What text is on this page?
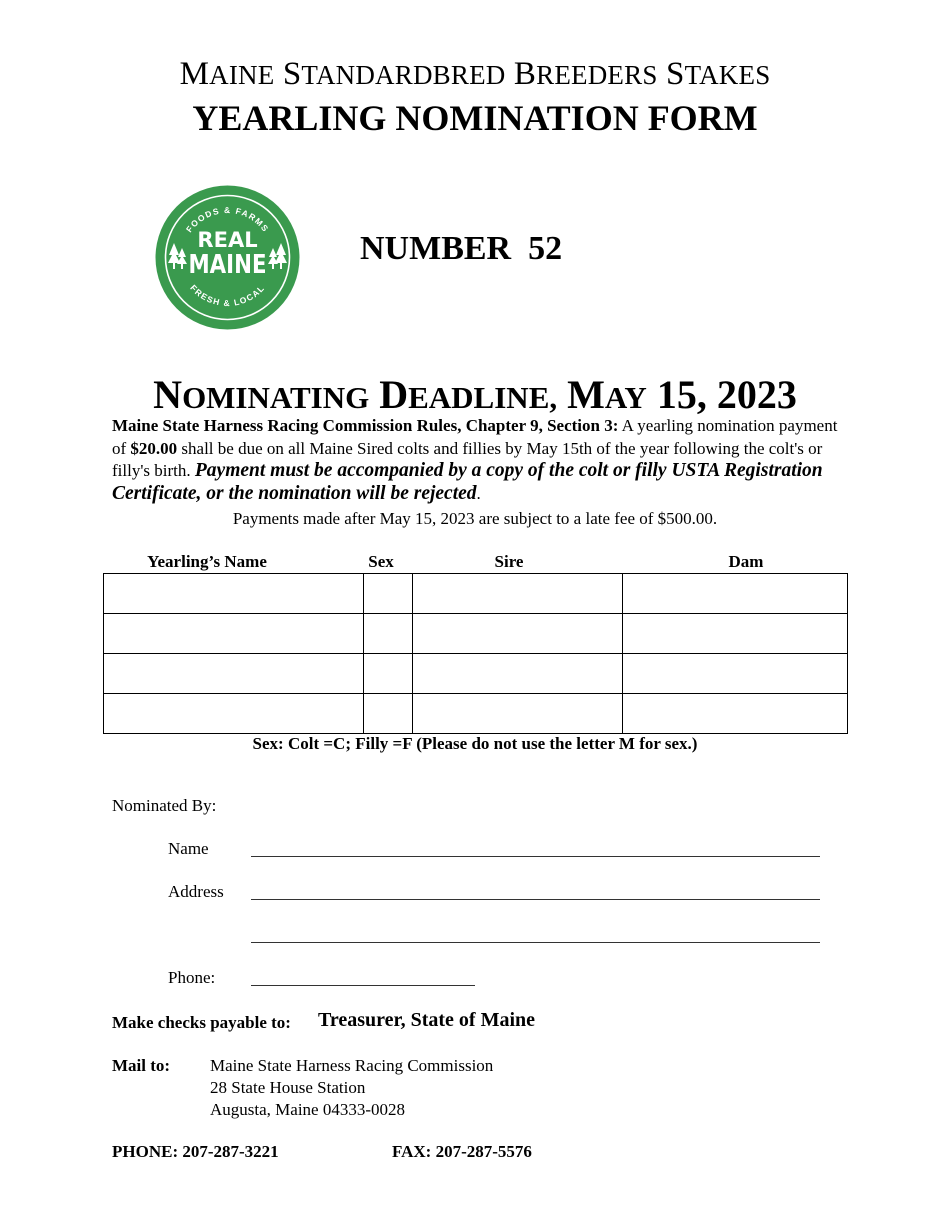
MAINE STANDARDBRED BREEDERS STAKES
YEARLING NOMINATION FORM
FOODS & FARMS
FRESH & LOCAL
REAL
MAINE	NUMBER  52
NOMINATING DEADLINE, MAY 15, 2023
Maine State Harness Racing Commission Rules, Chapter 9, Section 3: A yearling nomination payment of $20.00 shall be due on all Maine Sired colts and fillies by May 15th of the year following the colt's or filly's birth. Payment must be accompanied by a copy of the colt or filly USTA Registration Certificate, or the nomination will be rejected.
Payments made after May 15, 2023 are subject to a late fee of $500.00.
Yearling’s Name	Sex	Sire	Dam

Sex: Colt =C; Filly =F (Please do not use the letter M for sex.)
Nominated By:
Name
Address
Phone:
Make checks payable to: Treasurer, State of Maine
Mail to: Maine State Harness Racing Commission
28 State House Station
Augusta, Maine 04333-0028
PHONE: 207-287-3221	FAX: 207-287-5576
